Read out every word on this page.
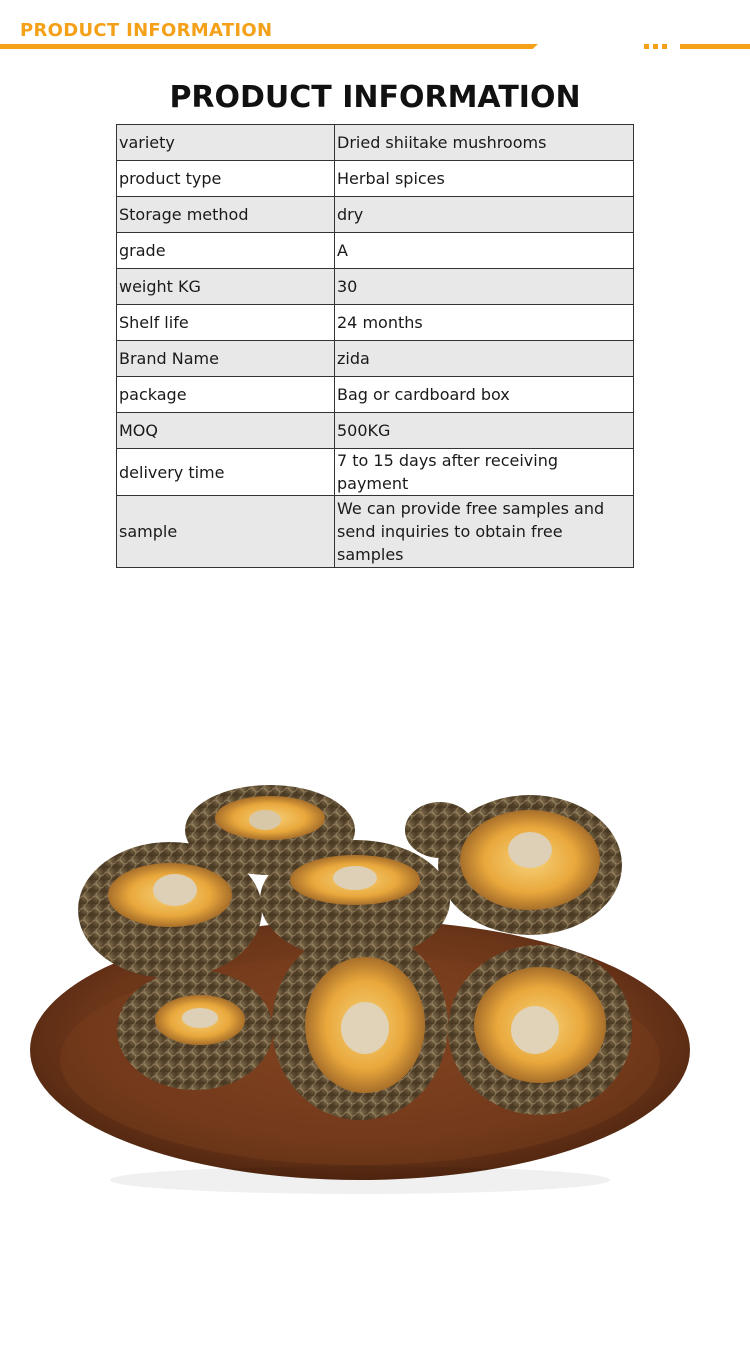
PRODUCT INFORMATION
PRODUCT INFORMATION
variety	Dried shiitake mushrooms
product type	Herbal spices
Storage method	dry
grade	A
weight KG	30
Shelf life	24 months
Brand Name	zida
package	Bag or cardboard box
MOQ	500KG
delivery time	7 to 15 days after receiving payment
sample	We can provide free samples and send inquiries to obtain free samples
